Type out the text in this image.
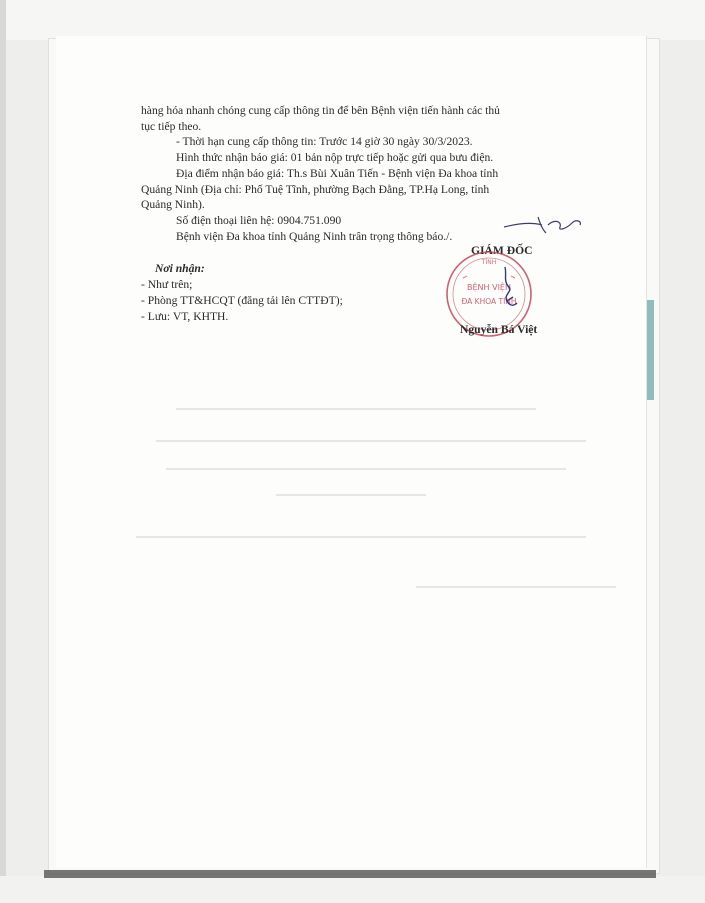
hàng hóa nhanh chóng cung cấp thông tin để bên Bệnh viện tiến hành các thủ
tục tiếp theo.
- Thời hạn cung cấp thông tin: Trước 14 giờ 30 ngày 30/3/2023.
Hình thức nhận báo giá: 01 bản nộp trực tiếp hoặc gửi qua bưu điện.
Địa điểm nhận báo giá: Th.s Bùi Xuân Tiến - Bệnh viện Đa khoa tỉnh
Quảng Ninh (Địa chỉ: Phố Tuệ Tĩnh, phường Bạch Đằng, TP.Hạ Long, tỉnh
Quảng Ninh).
Số điện thoại liên hệ: 0904.751.090
Bệnh viện Đa khoa tỉnh Quảng Ninh trân trọng thông báo./.
Nơi nhận:
- Như trên;
- Phòng TT&HCQT (đăng tải lên CTTĐT);
- Lưu: VT, KHTH.
GIÁM ĐỐC
TỈNH
BỆNH VIỆN
ĐA KHOA TỈNH
Nguyễn Bá Việt
